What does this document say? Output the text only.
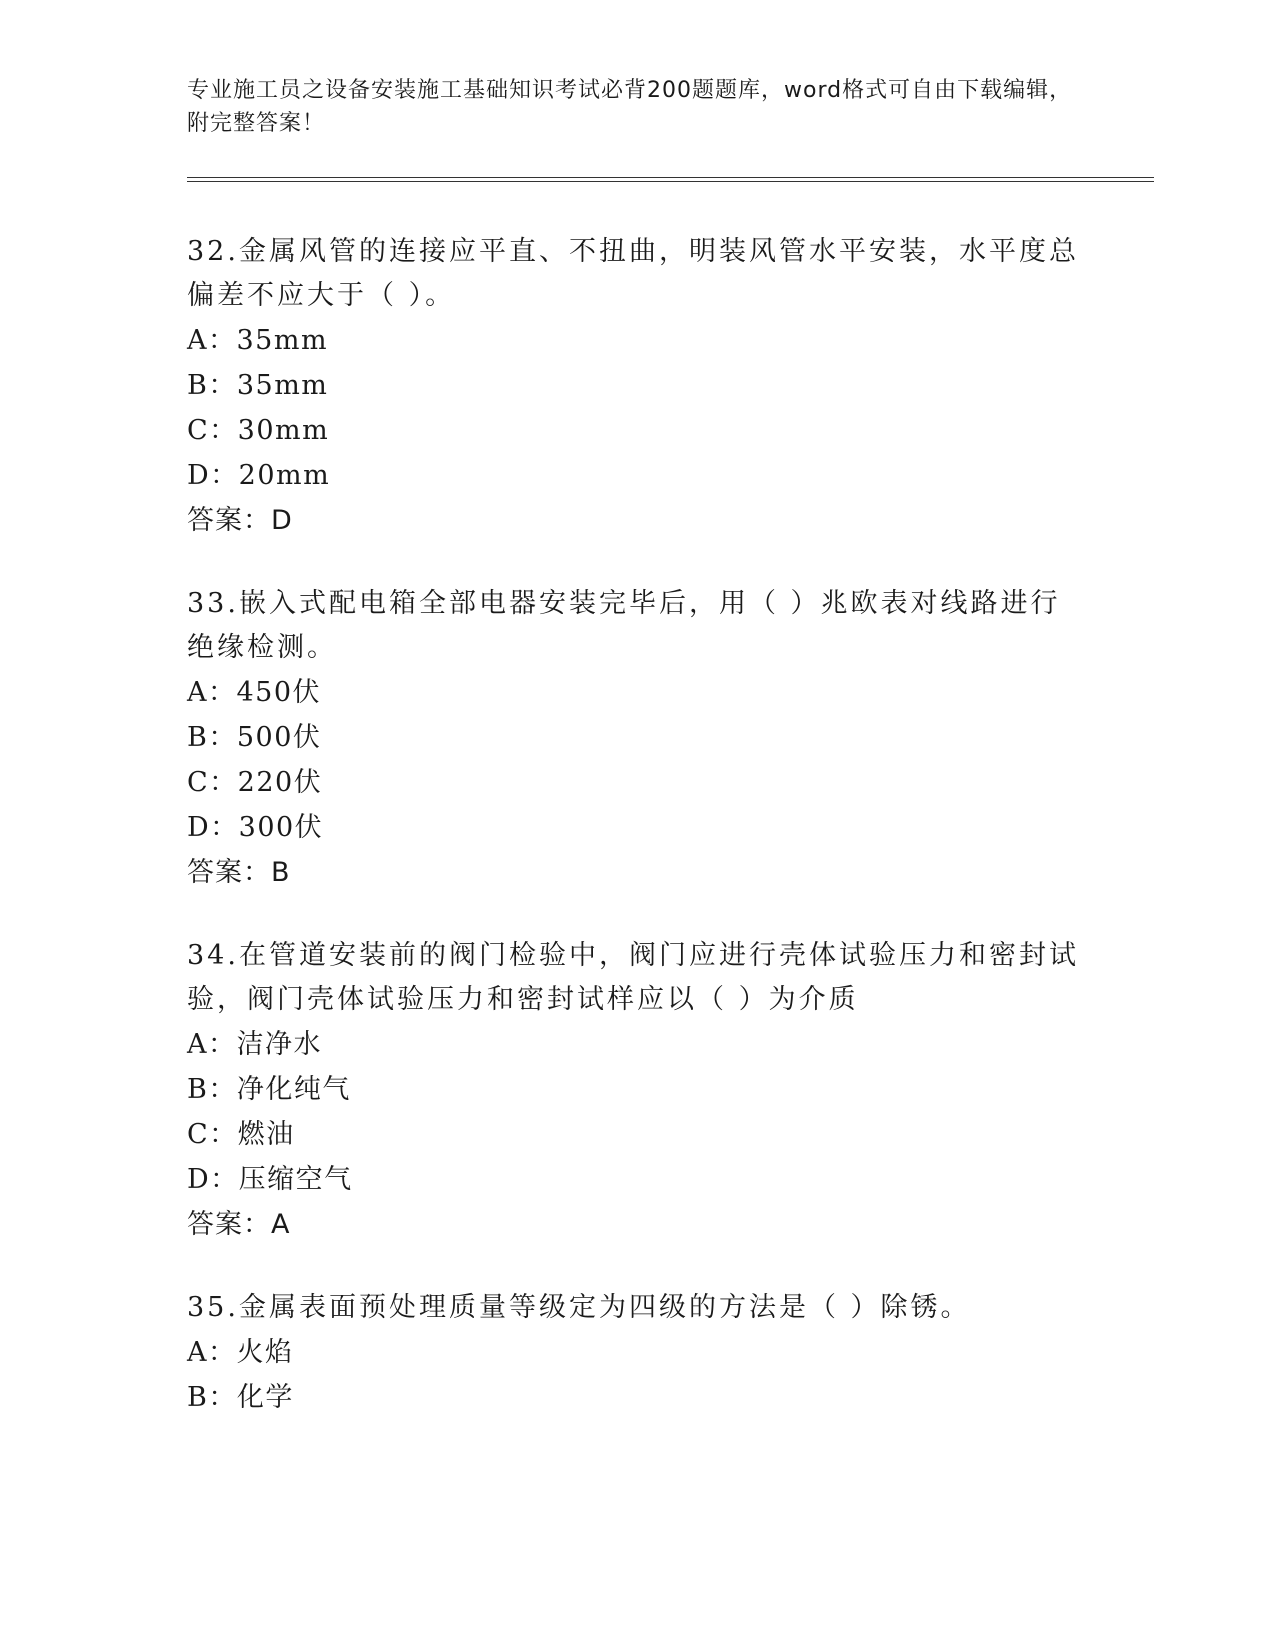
专业施工员之设备安装施工基础知识考试必背200题题库，word格式可自由下载编辑，附完整答案！
32.金属风管的连接应平直、不扭曲，明装风管水平安装，水平度总偏差不应大于（ ）。
A：35mm
B：35mm
C：30mm
D：20mm
答案：D
33.嵌入式配电箱全部电器安装完毕后，用（ ）兆欧表对线路进行绝缘检测。
A：450伏
B：500伏
C：220伏
D：300伏
答案：B
34.在管道安装前的阀门检验中，阀门应进行壳体试验压力和密封试验，阀门壳体试验压力和密封试样应以（ ）为介质
A：洁净水
B：净化纯气
C：燃油
D：压缩空气
答案：A
35.金属表面预处理质量等级定为四级的方法是（ ）除锈。
A：火焰
B：化学
